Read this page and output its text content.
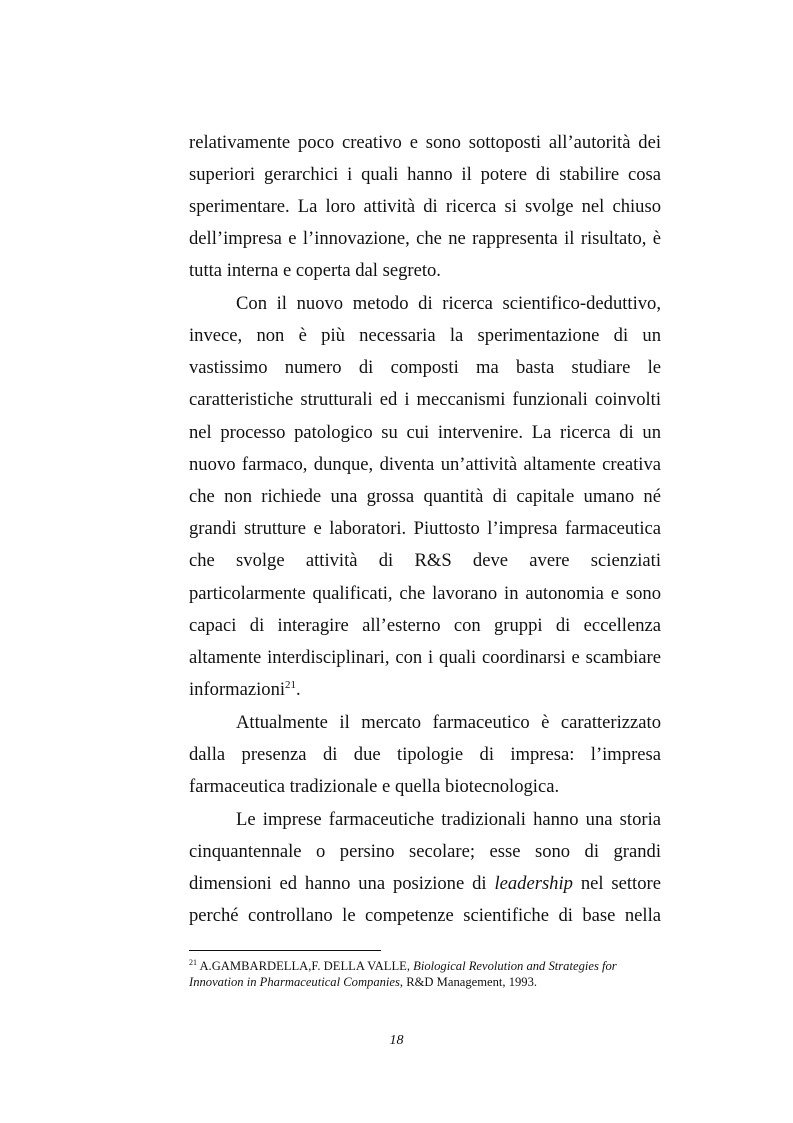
relativamente poco creativo e sono sottoposti all’autorità dei
superiori gerarchici i quali hanno il potere di stabilire cosa
sperimentare. La loro attività di ricerca si svolge nel chiuso
dell’impresa e l’innovazione, che ne rappresenta il risultato, è
tutta interna e coperta dal segreto.
Con il nuovo metodo di ricerca scientifico-deduttivo,
invece, non è più necessaria la sperimentazione di un
vastissimo numero di composti ma basta studiare le
caratteristiche strutturali ed i meccanismi funzionali coinvolti
nel processo patologico su cui intervenire. La ricerca di un
nuovo farmaco, dunque, diventa un’attività altamente creativa
che non richiede una grossa quantità di capitale umano né
grandi strutture e laboratori. Piuttosto l’impresa farmaceutica
che svolge attività di R&S deve avere scienziati
particolarmente qualificati, che lavorano in autonomia e sono
capaci di interagire all’esterno con gruppi di eccellenza
altamente interdisciplinari, con i quali coordinarsi e scambiare
informazioni$^{21}$.
Attualmente il mercato farmaceutico è caratterizzato
dalla presenza di due tipologie di impresa: l’impresa
farmaceutica tradizionale e quella biotecnologica.
Le imprese farmaceutiche tradizionali hanno una storia
cinquantennale o persino secolare; esse sono di grandi
dimensioni ed hanno una posizione di leadership nel settore
perché controllano le competenze scientifiche di base nella
$^{21}$ A.GAMBARDELLA,F. DELLA VALLE, Biological Revolution and Strategies for
Innovation in Pharmaceutical Companies, R&D Management, 1993.
18
